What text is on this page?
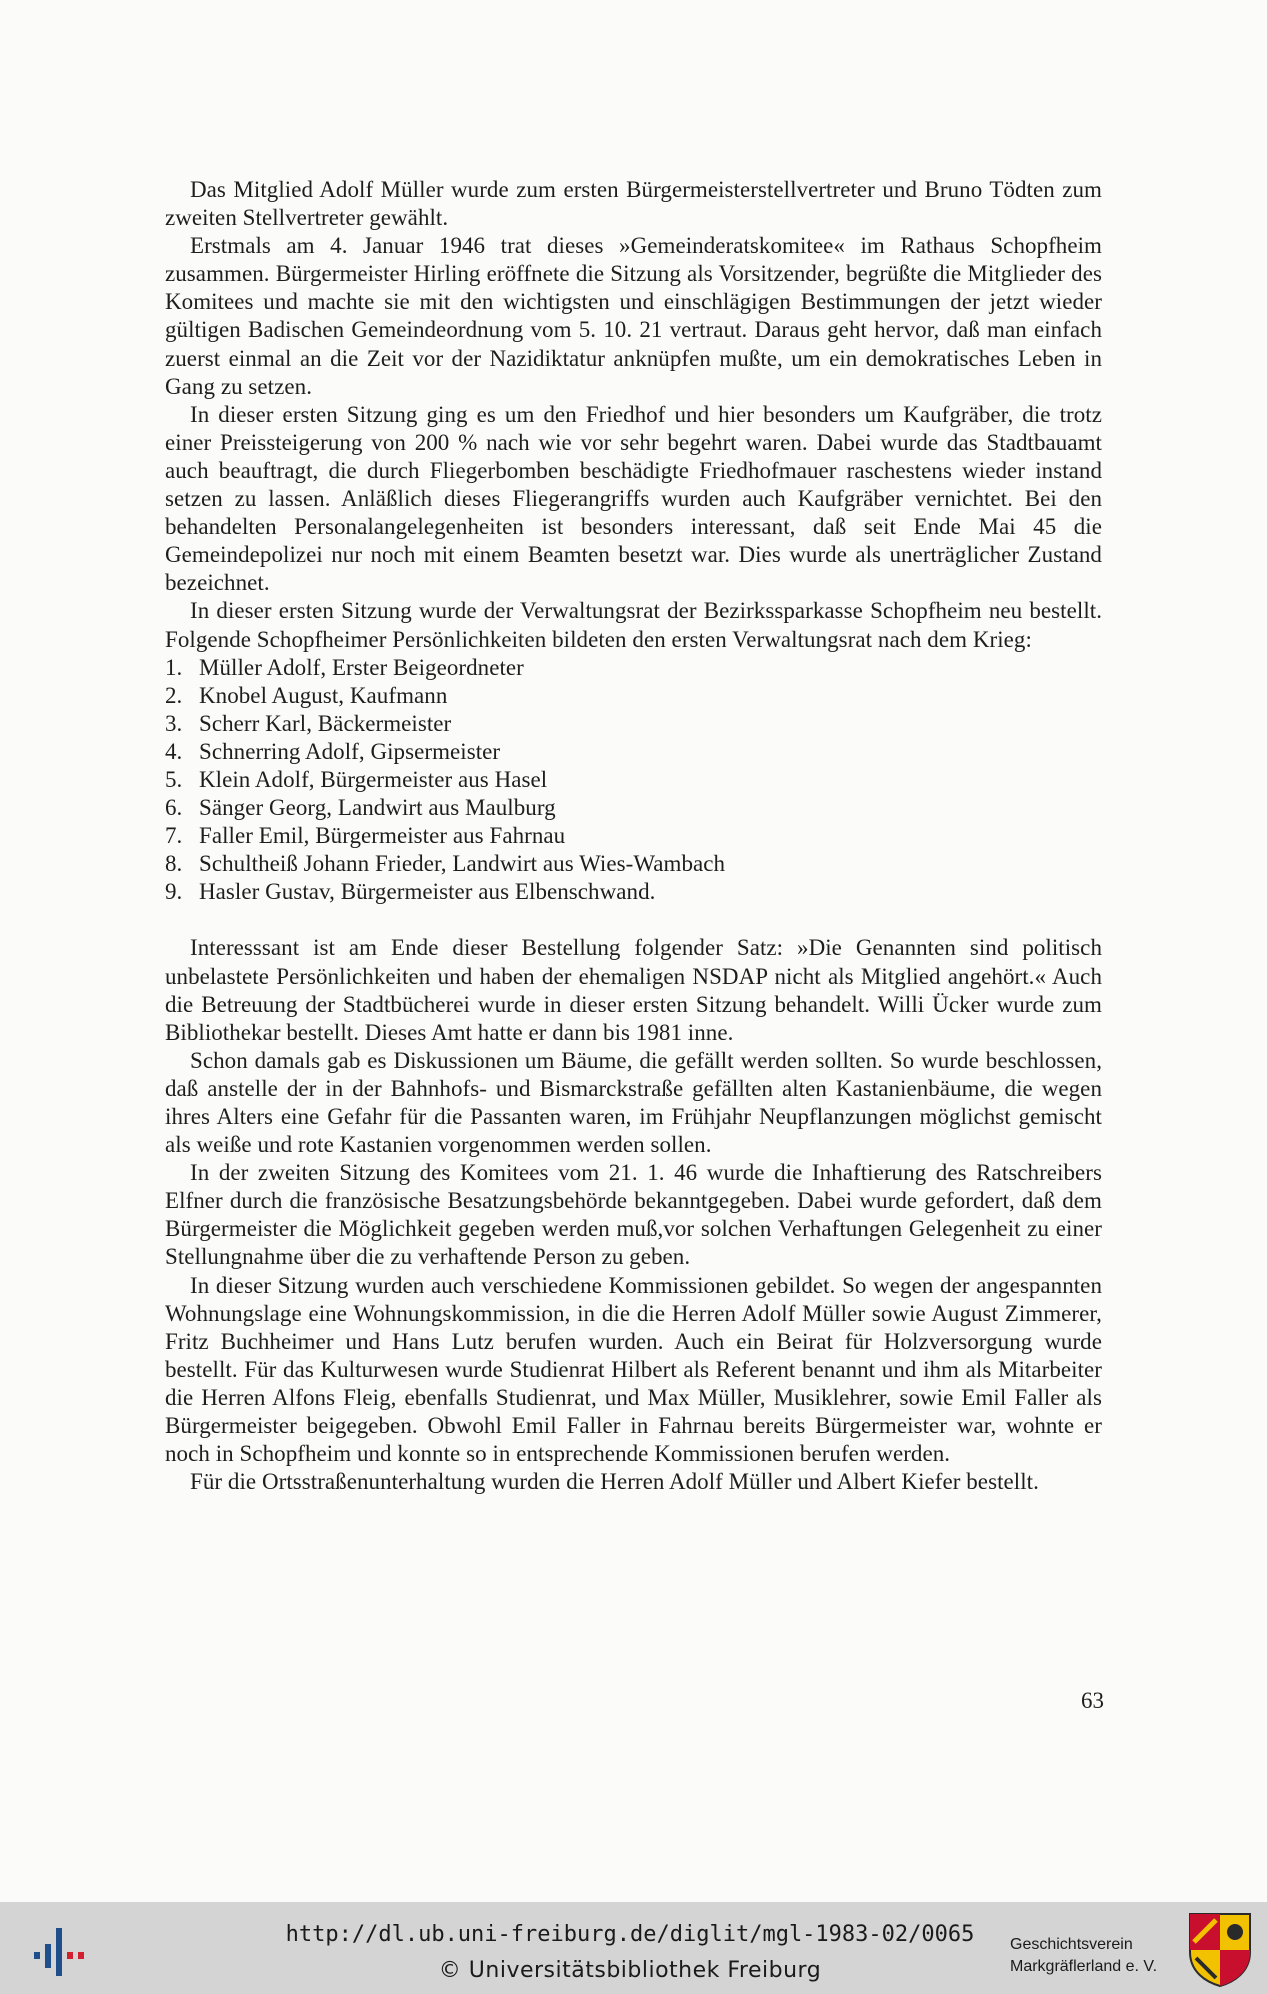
Das Mitglied Adolf Müller wurde zum ersten Bürgermeisterstellvertreter und Bruno Tödten zum zweiten Stellvertreter gewählt.

Erstmals am 4. Januar 1946 trat dieses »Gemeinderatskomitee« im Rathaus Schopfheim zusammen. Bürgermeister Hirling eröffnete die Sitzung als Vorsitzender, begrüßte die Mitglieder des Komitees und machte sie mit den wichtigsten und einschlägigen Bestimmungen der jetzt wieder gültigen Badischen Gemeindeordnung vom 5. 10. 21 vertraut. Daraus geht hervor, daß man einfach zuerst einmal an die Zeit vor der Nazidiktatur anknüpfen mußte, um ein demokratisches Leben in Gang zu setzen.

In dieser ersten Sitzung ging es um den Friedhof und hier besonders um Kaufgräber, die trotz einer Preissteigerung von 200 % nach wie vor sehr begehrt waren. Dabei wurde das Stadtbauamt auch beauftragt, die durch Fliegerbomben beschädigte Friedhofmauer raschestens wieder instand setzen zu lassen. Anläßlich dieses Fliegerangriffs wurden auch Kaufgräber vernichtet. Bei den behandelten Personalangelegenheiten ist besonders interessant, daß seit Ende Mai 45 die Gemeindepolizei nur noch mit einem Beamten besetzt war. Dies wurde als unerträglicher Zustand bezeichnet.

In dieser ersten Sitzung wurde der Verwaltungsrat der Bezirkssparkasse Schopfheim neu bestellt. Folgende Schopfheimer Persönlichkeiten bildeten den ersten Verwaltungsrat nach dem Krieg:

1. Müller Adolf, Erster Beigeordneter
2. Knobel August, Kaufmann
3. Scherr Karl, Bäckermeister
4. Schnerring Adolf, Gipsermeister
5. Klein Adolf, Bürgermeister aus Hasel
6. Sänger Georg, Landwirt aus Maulburg
7. Faller Emil, Bürgermeister aus Fahrnau
8. Schultheiß Johann Frieder, Landwirt aus Wies-Wambach
9. Hasler Gustav, Bürgermeister aus Elbenschwand.

Interesssant ist am Ende dieser Bestellung folgender Satz: »Die Genannten sind politisch unbelastete Persönlichkeiten und haben der ehemaligen NSDAP nicht als Mitglied angehört.« Auch die Betreuung der Stadtbücherei wurde in dieser ersten Sitzung behandelt. Willi Ücker wurde zum Bibliothekar bestellt. Dieses Amt hatte er dann bis 1981 inne.

Schon damals gab es Diskussionen um Bäume, die gefällt werden sollten. So wurde beschlossen, daß anstelle der in der Bahnhofs- und Bismarckstraße gefällten alten Kastanienbäume, die wegen ihres Alters eine Gefahr für die Passanten waren, im Frühjahr Neupflanzungen möglichst gemischt als weiße und rote Kastanien vorgenommen werden sollen.

In der zweiten Sitzung des Komitees vom 21. 1. 46 wurde die Inhaftierung des Ratschreibers Elfner durch die französische Besatzungsbehörde bekanntgegeben. Dabei wurde gefordert, daß dem Bürgermeister die Möglichkeit gegeben werden muß,vor solchen Verhaftungen Gelegenheit zu einer Stellungnahme über die zu verhaftende Person zu geben.

In dieser Sitzung wurden auch verschiedene Kommissionen gebildet. So wegen der angespannten Wohnungslage eine Wohnungskommission, in die die Herren Adolf Müller sowie August Zimmerer, Fritz Buchheimer und Hans Lutz berufen wurden. Auch ein Beirat für Holzversorgung wurde bestellt. Für das Kulturwesen wurde Studienrat Hilbert als Referent benannt und ihm als Mitarbeiter die Herren Alfons Fleig, ebenfalls Studienrat, und Max Müller, Musiklehrer, sowie Emil Faller als Bürgermeister beigegeben. Obwohl Emil Faller in Fahrnau bereits Bürgermeister war, wohnte er noch in Schopfheim und konnte so in entsprechende Kommissionen berufen werden.

Für die Ortsstraßenunterhaltung wurden die Herren Adolf Müller und Albert Kiefer bestellt.

63
http://dl.ub.uni-freiburg.de/diglit/mgl-1983-02/0065
© Universitätsbibliothek Freiburg
Geschichtsverein
Markgräflerland e. V.
